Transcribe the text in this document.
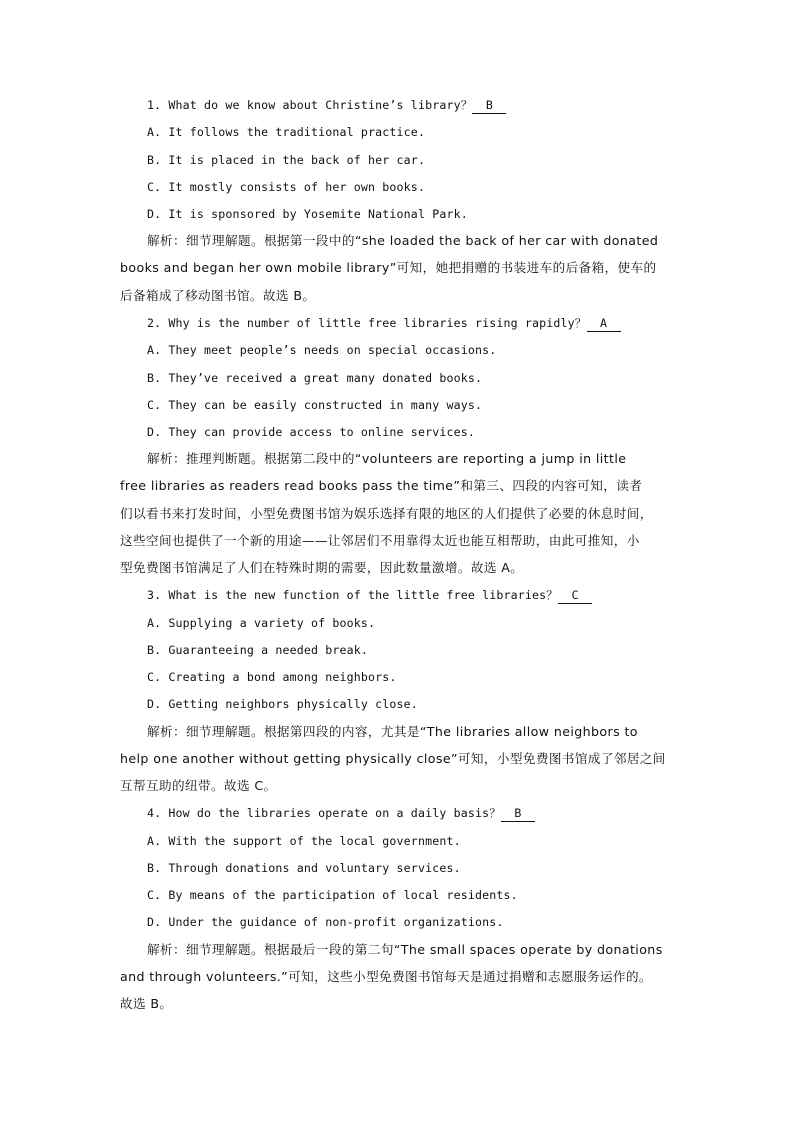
1. What do we know about Christine’s library？ B
A. It follows the traditional practice.
B. It is placed in the back of her car.
C. It mostly consists of her own books.
D. It is sponsored by Yosemite National Park.
解析：细节理解题。根据第一段中的“she loaded the back of her car with donated
books and began her own mobile library”可知，她把捐赠的书装进车的后备箱，使车的
后备箱成了移动图书馆。故选 B。
2. Why is the number of little free libraries rising rapidly？ A
A. They meet people’s needs on special occasions.
B. They’ve received a great many donated books.
C. They can be easily constructed in many ways.
D. They can provide access to online services.
解析：推理判断题。根据第二段中的“volunteers are reporting a jump in little
free libraries as readers read books pass the time”和第三、四段的内容可知，读者
们以看书来打发时间，小型免费图书馆为娱乐选择有限的地区的人们提供了必要的休息时间，
这些空间也提供了一个新的用途——让邻居们不用靠得太近也能互相帮助，由此可推知，小
型免费图书馆满足了人们在特殊时期的需要，因此数量激增。故选 A。
3. What is the new function of the little free libraries？ C
A. Supplying a variety of books.
B. Guaranteeing a needed break.
C. Creating a bond among neighbors.
D. Getting neighbors physically close.
解析：细节理解题。根据第四段的内容，尤其是“The libraries allow neighbors to
help one another without getting physically close”可知，小型免费图书馆成了邻居之间
互帮互助的纽带。故选 C。
4. How do the libraries operate on a daily basis？ B
A. With the support of the local government.
B. Through donations and voluntary services.
C. By means of the participation of local residents.
D. Under the guidance of non-profit organizations.
解析：细节理解题。根据最后一段的第二句“The small spaces operate by donations
and through volunteers.”可知，这些小型免费图书馆每天是通过捐赠和志愿服务运作的。
故选 B。
